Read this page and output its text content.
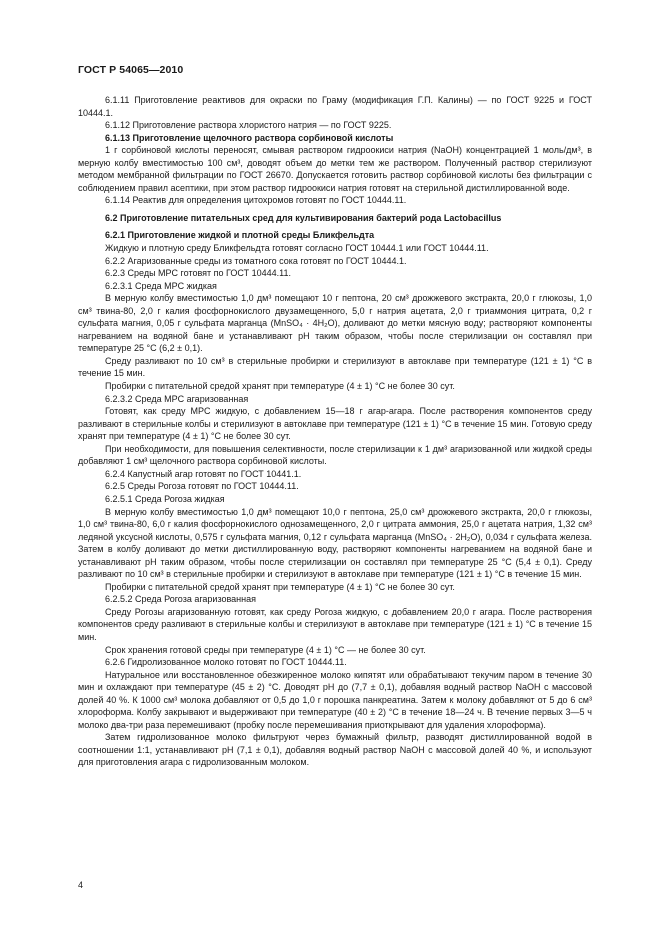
ГОСТ Р 54065—2010

6.1.11 Приготовление реактивов для окраски по Граму (модификация Г.П. Калины) — по ГОСТ 9225 и ГОСТ 10444.1.

6.1.12 Приготовление раствора хлористого натрия — по ГОСТ 9225.

6.1.13 Приготовление щелочного раствора сорбиновой кислоты

1 г сорбиновой кислоты переносят, смывая раствором гидроокиси натрия (NaOH) концентрацией 1 моль/дм³, в мерную колбу вместимостью 100 см³, доводят объем до метки тем же раствором. Полученный раствор стерилизуют методом мембранной фильтрации по ГОСТ 26670. Допускается готовить раствор сорбиновой кислоты без фильтрации с соблюдением правил асептики, при этом раствор гидроокиси натрия готовят на стерильной дистиллированной воде.

6.1.14 Реактив для определения цитохромов готовят по ГОСТ 10444.11.

6.2 Приготовление питательных сред для культивирования бактерий рода Lactobacillus

6.2.1 Приготовление жидкой и плотной среды Бликфельдта

Жидкую и плотную среду Бликфельдта готовят согласно ГОСТ 10444.1 или ГОСТ 10444.11.

6.2.2 Агаризованные среды из томатного сока готовят по ГОСТ 10444.1.

6.2.3 Среды MPC готовят по ГОСТ 10444.11.

6.2.3.1 Среда MPC жидкая

В мерную колбу вместимостью 1,0 дм³ помещают 10 г пептона, 20 см³ дрожжевого экстракта, 20,0 г глюкозы, 1,0 см³ твина-80, 2,0 г калия фосфорнокислого двузамещенного, 5,0 г натрия ацетата, 2,0 г триаммония цитрата, 0,2 г сульфата магния, 0,05 г сульфата марганца (MnSO₄ · 4H₂O), доливают до метки мясную воду; растворяют компоненты нагреванием на водяной бане и устанавливают pH таким образом, чтобы после стерилизации он составлял при температуре 25 °C (6,2 ± 0,1).

Среду разливают по 10 см³ в стерильные пробирки и стерилизуют в автоклаве при температуре (121 ± 1) °C в течение 15 мин.

Пробирки с питательной средой хранят при температуре (4 ± 1) °C не более 30 сут.

6.2.3.2 Среда MPC агаризованная

Готовят, как среду MPC жидкую, с добавлением 15—18 г агар-агара. После растворения компонентов среду разливают в стерильные колбы и стерилизуют в автоклаве при температуре (121 ± 1) °C в течение 15 мин. Готовую среду хранят при температуре (4 ± 1) °C не более 30 сут.

При необходимости, для повышения селективности, после стерилизации к 1 дм³ агаризованной или жидкой среды добавляют 1 см³ щелочного раствора сорбиновой кислоты.

6.2.4 Капустный агар готовят по ГОСТ 10441.1.

6.2.5 Среды Рогоза готовят по ГОСТ 10444.11.

6.2.5.1 Среда Рогоза жидкая

В мерную колбу вместимостью 1,0 дм³ помещают 10,0 г пептона, 25,0 см³ дрожжевого экстракта, 20,0 г глюкозы, 1,0 см³ твина-80, 6,0 г калия фосфорнокислого однозамещенного, 2,0 г цитрата аммония, 25,0 г ацетата натрия, 1,32 см³ ледяной уксусной кислоты, 0,575 г сульфата магния, 0,12 г сульфата марганца (MnSO₄ · 2H₂O), 0,034 г сульфата железа. Затем в колбу доливают до метки дистиллированную воду, растворяют компоненты нагреванием на водяной бане и устанавливают pH таким образом, чтобы после стерилизации он составлял при температуре 25 °C (5,4 ± 0,1). Среду разливают по 10 см³ в стерильные пробирки и стерилизуют в автоклаве при температуре (121 ± 1) °C в течение 15 мин.

Пробирки с питательной средой хранят при температуре (4 ± 1) °C не более 30 сут.

6.2.5.2 Среда Рогоза агаризованная

Среду Рогозы агаризованную готовят, как среду Рогоза жидкую, с добавлением 20,0 г агара. После растворения компонентов среду разливают в стерильные колбы и стерилизуют в автоклаве при температуре (121 ± 1) °C в течение 15 мин.

Срок хранения готовой среды при температуре (4 ± 1) °C — не более 30 сут.

6.2.6 Гидролизованное молоко готовят по ГОСТ 10444.11.

Натуральное или восстановленное обезжиренное молоко кипятят или обрабатывают текучим паром в течение 30 мин и охлаждают при температуре (45 ± 2) °C. Доводят pH до (7,7 ± 0,1), добавляя водный раствор NaOH с массовой долей 40 %. К 1000 см³ молока добавляют от 0,5 до 1,0 г порошка панкреатина. Затем к молоку добавляют от 5 до 6 см³ хлороформа. Колбу закрывают и выдерживают при температуре (40 ± 2) °C в течение 18—24 ч. В течение первых 3—5 ч молоко два-три раза перемешивают (пробку после перемешивания приоткрывают для удаления хлороформа).

Затем гидролизованное молоко фильтруют через бумажный фильтр, разводят дистиллированной водой в соотношении 1:1, устанавливают pH (7,1 ± 0,1), добавляя водный раствор NaOH с массовой долей 40 %, и используют для приготовления агара с гидролизованным молоком.

4
